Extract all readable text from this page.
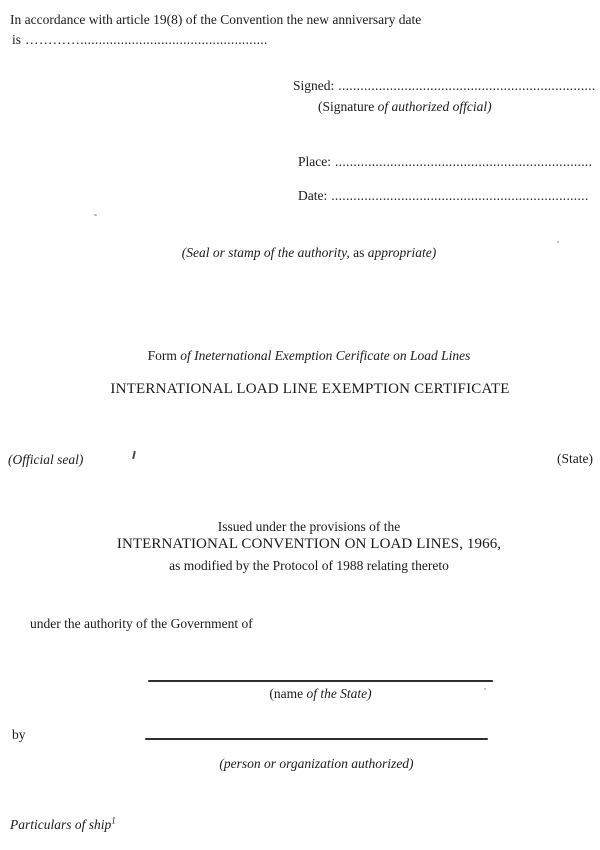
In accordance with article 19(8) of the Convention the new anniversary date
is …………...................................................
Signed: ......................................................................
(Signature of authorized offcial)
Place: ......................................................................
Date: ......................................................................
(Seal or stamp of the authority, as appropriate)
Form of Ineternational Exemption Cerificate on Load Lines
INTERNATIONAL LOAD LINE EXEMPTION CERTIFICATE
(Official seal)	(State)
Issued under the provisions of the
INTERNATIONAL CONVENTION ON LOAD LINES, 1966,
as modified by the Protocol of 1988 relating thereto
under the authority of the Government of
(name of the State)
by
(person or organization authorized)
Particulars of ship$^1$
